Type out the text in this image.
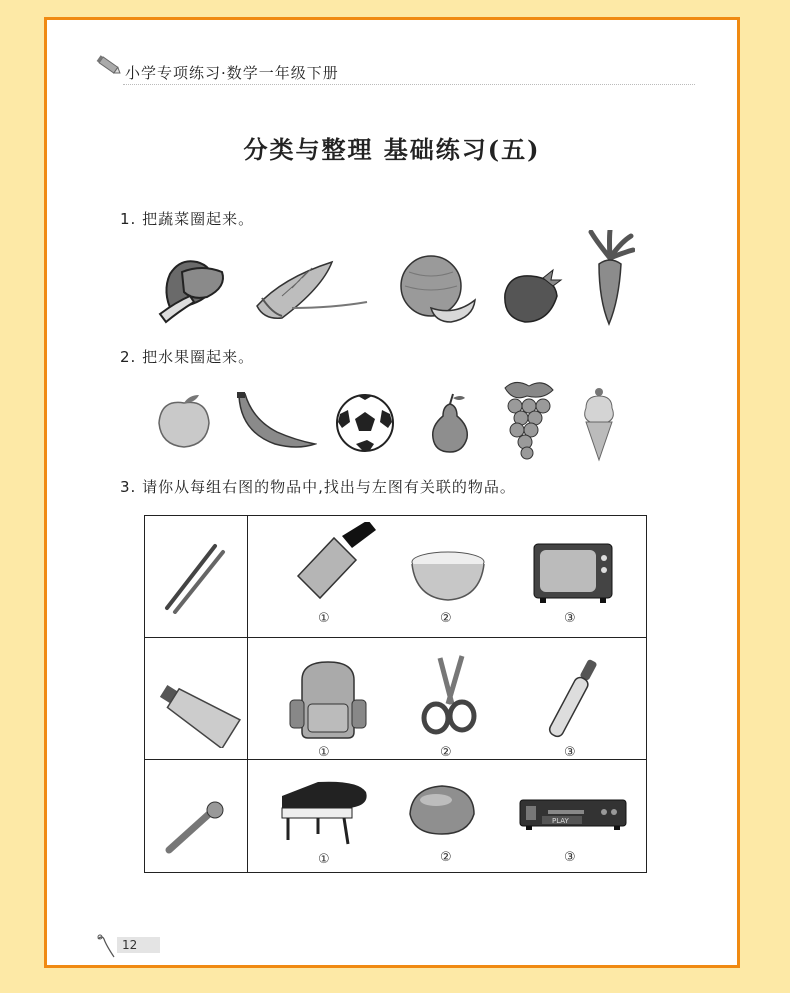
小学专项练习·数学一年级下册
分类与整理 基础练习(五)
1. 把蔬菜圈起来。
2. 把水果圈起来。
3. 请你从每组右图的物品中,找出与左图有关联的物品。

① ② ③

① ② ③

PLAY
① ② ③
12
